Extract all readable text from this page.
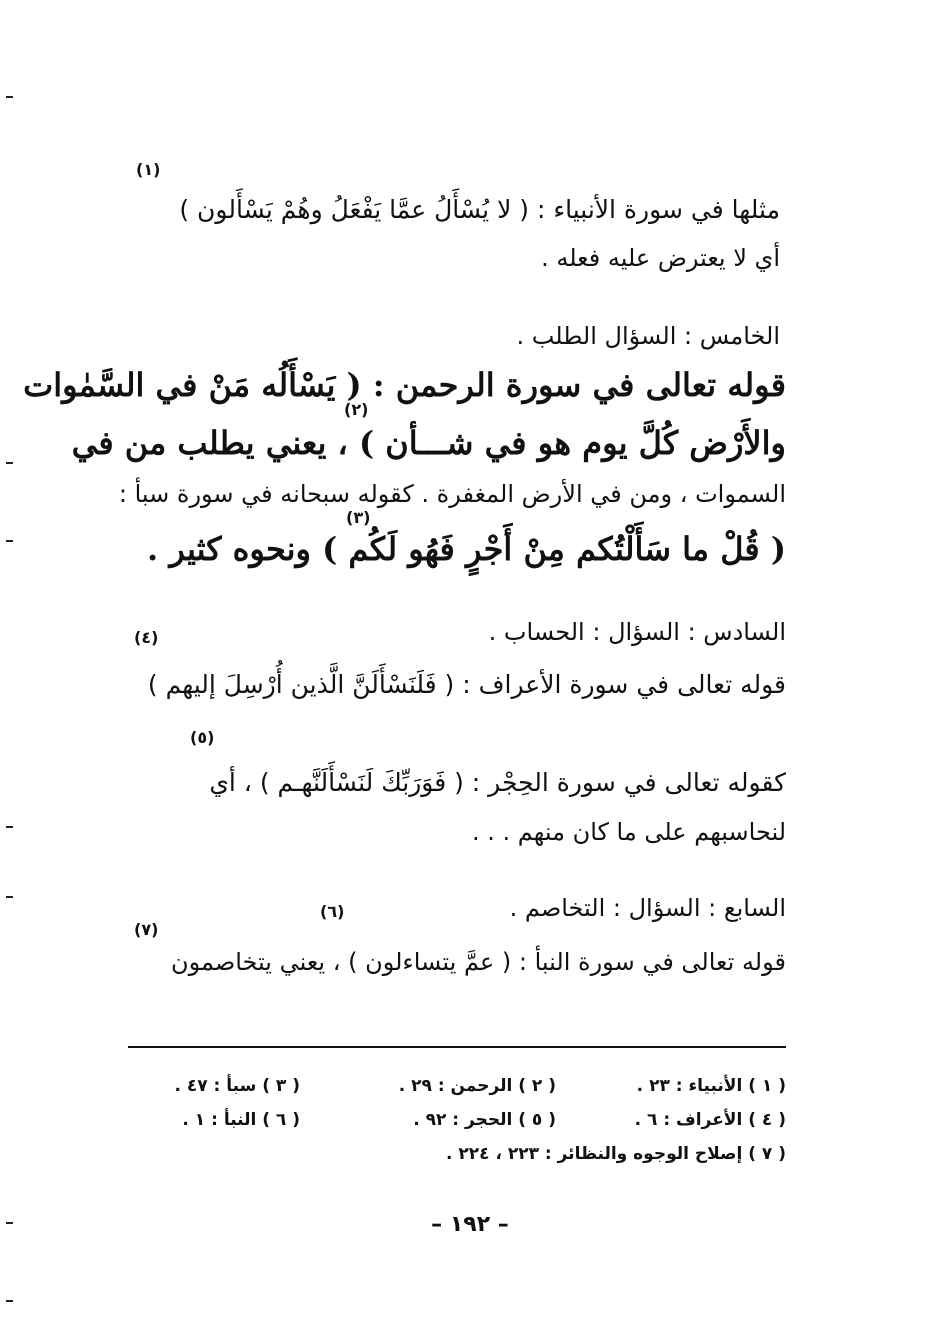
(١)
(٢)
(٣)
(٤)
(٥)
(٦)
(٧)
مثلها في سورة الأنبياء : ( لا يُسْأَلُ عمَّا يَفْعَلُ وهُمْ يَسْأَلون )
أي لا يعترض عليه فعله .
الخامس : السؤال الطلب .
قوله تعالى في سورة الرحمن : ( يَسْأَلُه مَنْ في السَّمٰوات
والأَرْض كُلَّ يوم هو في شـــأن ) ، يعني يطلب من في
السموات ، ومن في الأرض المغفرة . كقوله سبحانه في سورة سبأ :
( قُلْ ما سَأَلْتُكم مِنْ أَجْرٍ فَهُو لَكُم ) ونحوه كثير .
السادس : السؤال : الحساب .
قوله تعالى في سورة الأعراف : ( فَلَنَسْأَلَنَّ الَّذين أُرْسِلَ إليهم )
كقوله تعالى في سورة الحِجْر : ( فَوَرَبِّكَ لَنَسْأَلَنَّهـم ) ، أي
لنحاسبهم على ما كان منهم . . .
السابع : السؤال : التخاصم .
قوله تعالى في سورة النبأ : ( عمَّ يتساءلون ) ، يعني يتخاصمون
( ١ ) الأنبياء : ٢٣ .
( ٢ ) الرحمن : ٢٩ .
( ٣ ) سبأ : ٤٧ .
( ٤ ) الأعراف : ٦ .
( ٥ ) الحجر : ٩٢ .
( ٦ ) النبأ : ١ .
( ٧ ) إصلاح الوجوه والنظائر : ٢٢٣ ، ٢٢٤ .
– ١٩٢ –
